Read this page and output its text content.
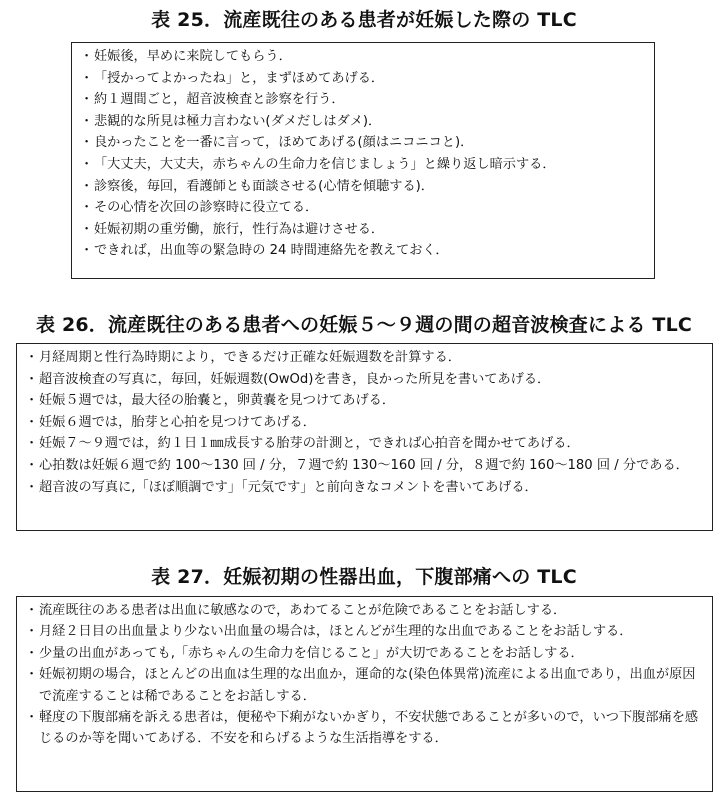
表 25．流産既往のある患者が妊娠した際の TLC
・ 妊娠後，早めに来院してもらう．
・ 「授かってよかったね」と，まずほめてあげる．
・ 約１週間ごと，超音波検査と診察を行う．
・ 悲観的な所見は極力言わない(ダメだしはダメ)．
・ 良かったことを一番に言って，ほめてあげる(顔はニコニコと)．
・ 「大丈夫，大丈夫，赤ちゃんの生命力を信じましょう」と繰り返し暗示する．
・ 診察後，毎回，看護師とも面談させる(心情を傾聴する)．
・ その心情を次回の診察時に役立てる．
・ 妊娠初期の重労働，旅行，性行為は避けさせる．
・ できれば，出血等の緊急時の 24 時間連絡先を教えておく．
表 26．流産既往のある患者への妊娠５～９週の間の超音波検査による TLC
・ 月経周期と性行為時期により，できるだけ正確な妊娠週数を計算する．
・ 超音波検査の写真に，毎回，妊娠週数(OwOd)を書き，良かった所見を書いてあげる．
・ 妊娠５週では，最大径の胎嚢と，卵黄嚢を見つけてあげる．
・ 妊娠６週では，胎芽と心拍を見つけてあげる．
・ 妊娠７～９週では，約１日１㎜成長する胎芽の計測と，できれば心拍音を聞かせてあげる．
・ 心拍数は妊娠６週で約 100～130 回 / 分，７週で約 130～160 回 / 分，８週で約 160～180 回 / 分である．
・ 超音波の写真に,「ほぼ順調です」「元気です」と前向きなコメントを書いてあげる．
表 27．妊娠初期の性器出血，下腹部痛への TLC
・ 流産既往のある患者は出血に敏感なので，あわてることが危険であることをお話しする．
・ 月経２日目の出血量より少ない出血量の場合は，ほとんどが生理的な出血であることをお話しする．
・ 少量の出血があっても,「赤ちゃんの生命力を信じること」が大切であることをお話しする．
・ 妊娠初期の場合，ほとんどの出血は生理的な出血か，運命的な(染色体異常)流産による出血であり，出血が原因で流産することは稀であることをお話しする．
・ 軽度の下腹部痛を訴える患者は，便秘や下痢がないかぎり，不安状態であることが多いので，いつ下腹部痛を感じるのか等を聞いてあげる．不安を和らげるような生活指導をする．
